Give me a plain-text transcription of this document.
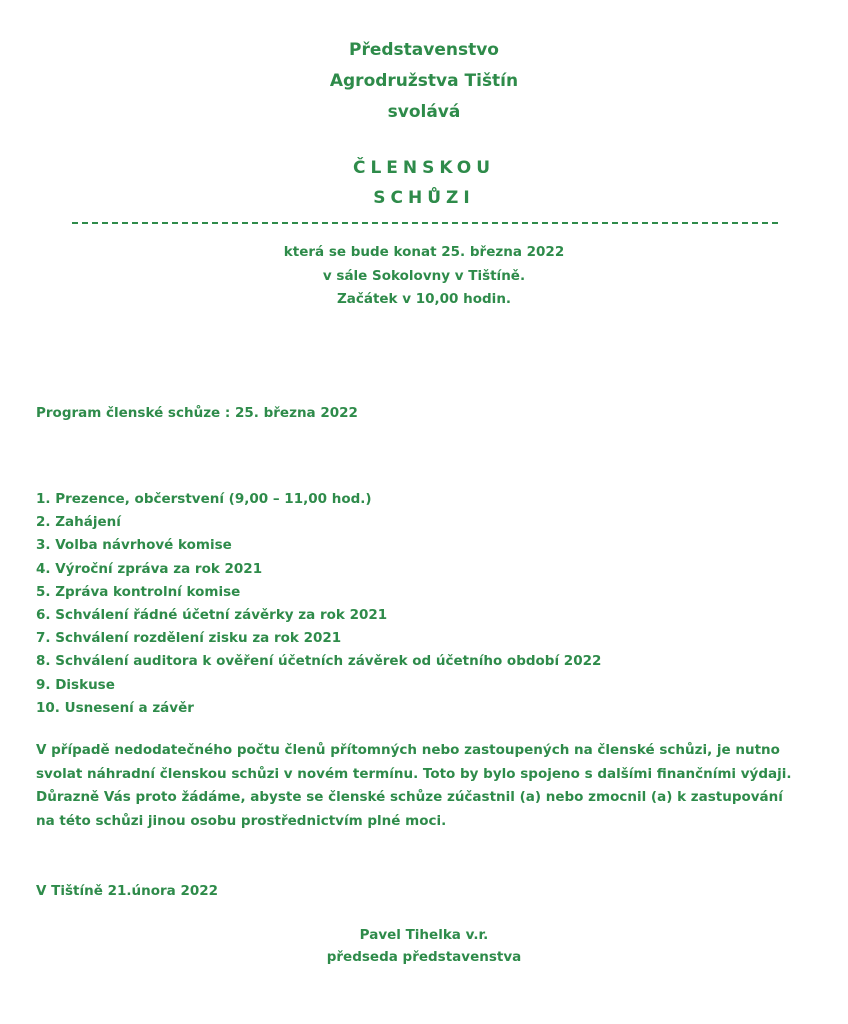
Představenstvo
Agrodružstva Tištín
svolává
ČLENSKOU
SCHŮZI
která se bude konat 25. března 2022
v sále Sokolovny v Tištíně.
Začátek v 10,00 hodin.
Program členské schůze : 25. března 2022
1. Prezence, občerstvení (9,00 – 11,00 hod.)
2. Zahájení
3. Volba návrhové komise
4. Výroční zpráva za rok 2021
5. Zpráva kontrolní komise
6. Schválení řádné účetní závěrky za rok 2021
7. Schválení rozdělení zisku za rok 2021
8. Schválení auditora k ověření účetních závěrek od účetního období 2022
9. Diskuse
10. Usnesení a závěr
V případě nedodatečného počtu členů přítomných nebo zastoupených na členské schůzi, je nutno
svolat náhradní členskou schůzi v novém termínu. Toto by bylo spojeno s dalšími finančními výdaji.
Důrazně Vás proto žádáme, abyste se členské schůze zúčastnil (a) nebo zmocnil (a) k zastupování
na této schůzi jinou osobu prostřednictvím plné moci.
V Tištíně 21.února 2022
Pavel Tihelka v.r.
předseda představenstva
